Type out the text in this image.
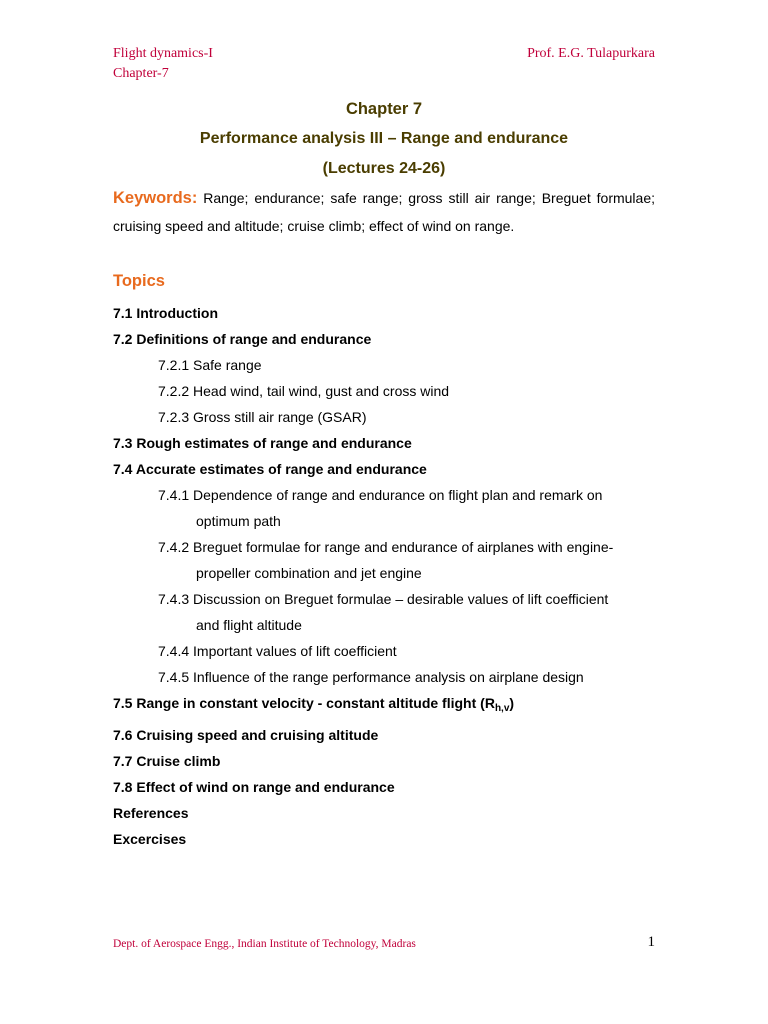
Flight dynamics-I
Chapter-7
Prof. E.G. Tulapurkara
Chapter 7
Performance analysis III – Range and endurance
(Lectures 24-26)
Keywords: Range; endurance; safe range; gross still air range; Breguet formulae; cruising speed and altitude; cruise climb; effect of wind on range.
Topics
7.1 Introduction
7.2 Definitions of range and endurance
7.2.1 Safe range
7.2.2 Head wind, tail wind, gust and cross wind
7.2.3 Gross still air range (GSAR)
7.3 Rough estimates of range and endurance
7.4 Accurate estimates of range and endurance
7.4.1 Dependence of range and endurance on flight plan and remark on
optimum path
7.4.2 Breguet formulae for range and endurance of airplanes with engine-
propeller combination and jet engine
7.4.3 Discussion on Breguet formulae – desirable values of lift coefficient
and flight altitude
7.4.4 Important values of lift coefficient
7.4.5 Influence of the range performance analysis on airplane design
7.5 Range in constant velocity - constant altitude flight $(R_{h,v})$
7.6 Cruising speed and cruising altitude
7.7 Cruise climb
7.8 Effect of wind on range and endurance
References
Excercises
Dept. of Aerospace Engg., Indian Institute of Technology, Madras	1
